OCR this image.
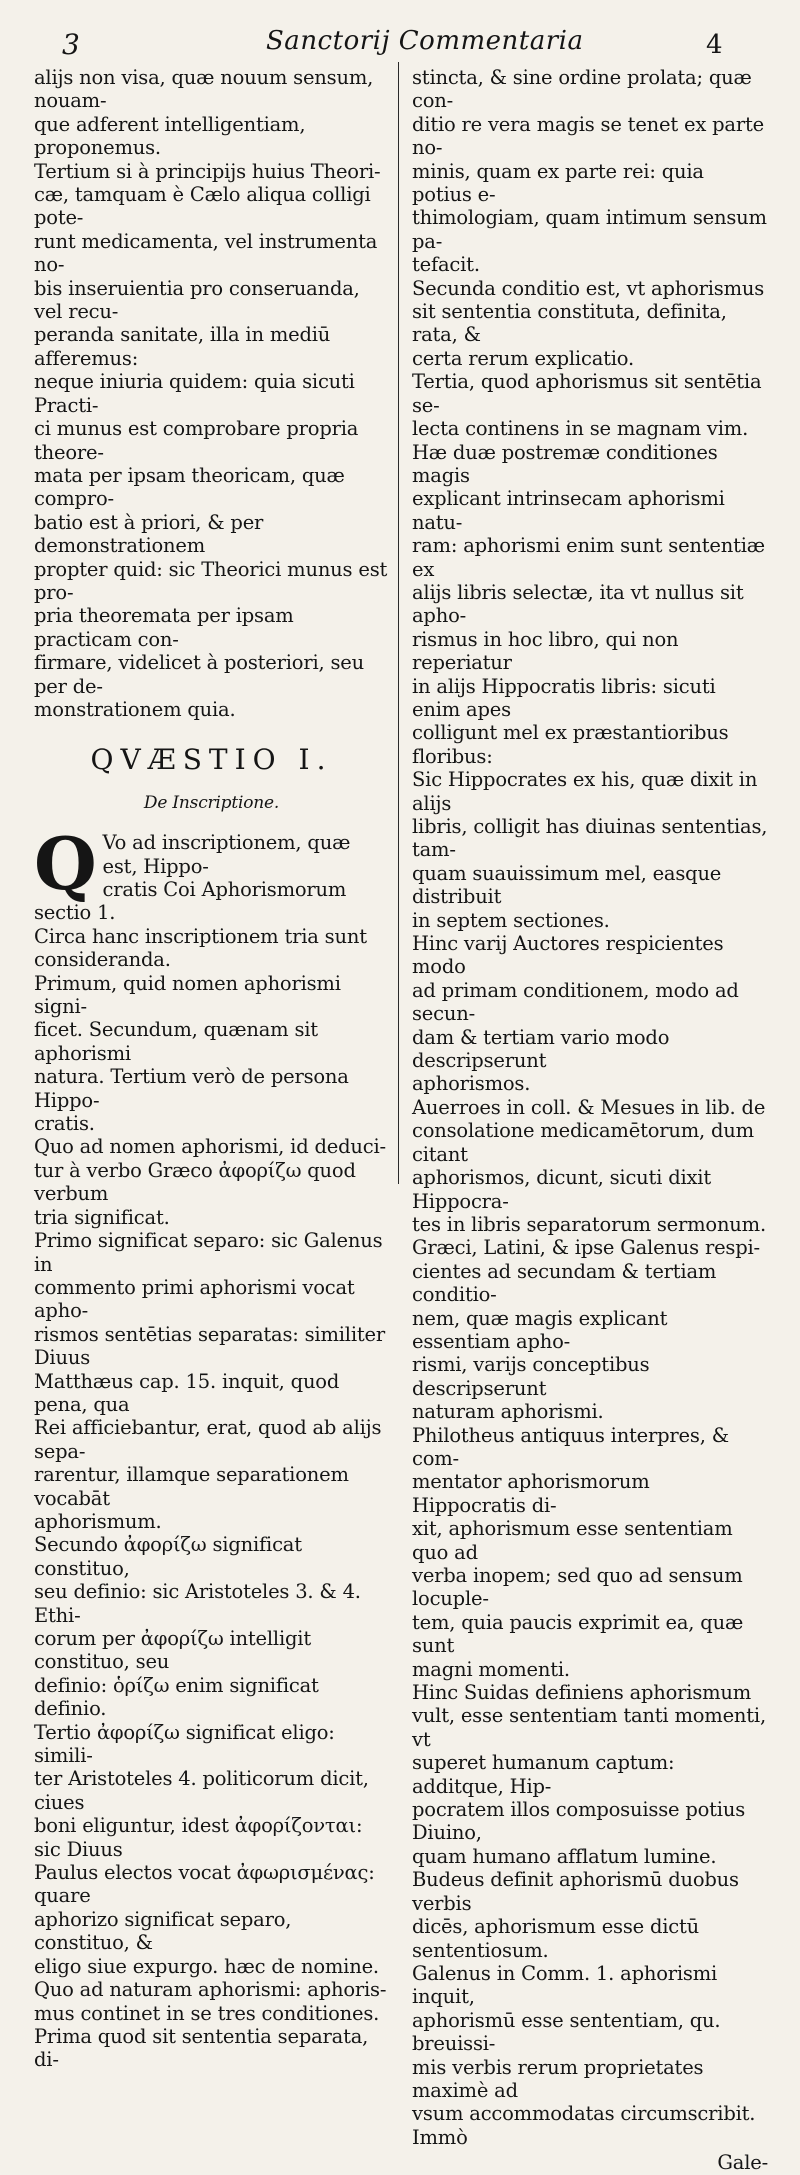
3	Sanctorij Commentaria	4

alijs non visa, quæ nouum sensum, nouam-
que adferent intelligentiam, proponemus.
Tertium si à principijs huius Theori-
cæ, tamquam è Cælo aliqua colligi pote-
runt medicamenta, vel instrumenta no-
bis inseruientia pro conseruanda, vel recu-
peranda sanitate, illa in mediū afferemus:
neque iniuria quidem: quia sicuti Practi-
ci munus est comprobare propria theore-
mata per ipsam theoricam, quæ compro-
batio est à priori, & per demonstrationem
propter quid: sic Theorici munus est pro-
pria theoremata per ipsam practicam con-
firmare, videlicet à posteriori, seu per de-
monstrationem quia.

QVÆSTIO I.
De Inscriptione.
Q Vo ad inscriptionem, quæ est, Hippo-
cratis Coi Aphorismorum sectio 1.
Circa hanc inscriptionem tria sunt
consideranda.

Primum, quid nomen aphorismi signi-
ficet. Secundum, quænam sit aphorismi
natura. Tertium verò de persona Hippo-
cratis.
Quo ad nomen aphorismi, id deduci-
tur à verbo Græco ἀφορίζω quod verbum
tria significat.
Primo significat separo: sic Galenus in
commento primi aphorismi vocat apho-
rismos sentētias separatas: similiter Diuus
Matthæus cap. 15. inquit, quod pena, qua
Rei afficiebantur, erat, quod ab alijs sepa-
rarentur, illamque separationem vocabāt
aphorismum.
Secundo ἀφορίζω significat constituo,
seu definio: sic Aristoteles 3. & 4. Ethi-
corum per ἀφορίζω intelligit constituo, seu
definio: ὁρίζω enim significat definio.
Tertio ἀφορίζω significat eligo: simili-
ter Aristoteles 4. politicorum dicit, ciues
boni eliguntur, idest ἀφορίζονται: sic Diuus
Paulus electos vocat ἀφωρισμένας: quare
aphorizo significat separo, constituo, &
eligo siue expurgo. hæc de nomine.
Quo ad naturam aphorismi: aphoris-
mus continet in se tres conditiones.
Prima quod sit sententia separata, di-

stincta, & sine ordine prolata; quæ con-
ditio re vera magis se tenet ex parte no-
minis, quam ex parte rei: quia potius e-
thimologiam, quam intimum sensum pa-
tefacit.
Secunda conditio est, vt aphorismus
sit sententia constituta, definita, rata, &
certa rerum explicatio.
Tertia, quod aphorismus sit sentētia se-
lecta continens in se magnam vim.
Hæ duæ postremæ conditiones magis
explicant intrinsecam aphorismi natu-
ram: aphorismi enim sunt sententiæ ex
alijs libris selectæ, ita vt nullus sit apho-
rismus in hoc libro, qui non reperiatur
in alijs Hippocratis libris: sicuti enim apes
colligunt mel ex præstantioribus floribus:
Sic Hippocrates ex his, quæ dixit in alijs
libris, colligit has diuinas sententias, tam-
quam suauissimum mel, easque distribuit
in septem sectiones.
Hinc varij Auctores respicientes modo
ad primam conditionem, modo ad secun-
dam & tertiam vario modo descripserunt
aphorismos.
Auerroes in coll. & Mesues in lib. de
consolatione medicamētorum, dum citant
aphorismos, dicunt, sicuti dixit Hippocra-
tes in libris separatorum sermonum.
Græci, Latini, & ipse Galenus respi-
cientes ad secundam & tertiam conditio-
nem, quæ magis explicant essentiam apho-
rismi, varijs conceptibus descripserunt
naturam aphorismi.
Philotheus antiquus interpres, & com-
mentator aphorismorum Hippocratis di-
xit, aphorismum esse sententiam quo ad
verba inopem; sed quo ad sensum locuple-
tem, quia paucis exprimit ea, quæ sunt
magni momenti.
Hinc Suidas definiens aphorismum
vult, esse sententiam tanti momenti, vt
superet humanum captum: additque, Hip-
pocratem illos composuisse potius Diuino,
quam humano afflatum lumine.
Budeus definit aphorismū duobus verbis
dicēs, aphorismum esse dictū sententiosum.
Galenus in Comm. 1. aphorismi inquit,
aphorismū esse sententiam, qu. breuissi-
mis verbis rerum proprietates maximè ad
vsum accommodatas circumscribit. Immò

Gale-
